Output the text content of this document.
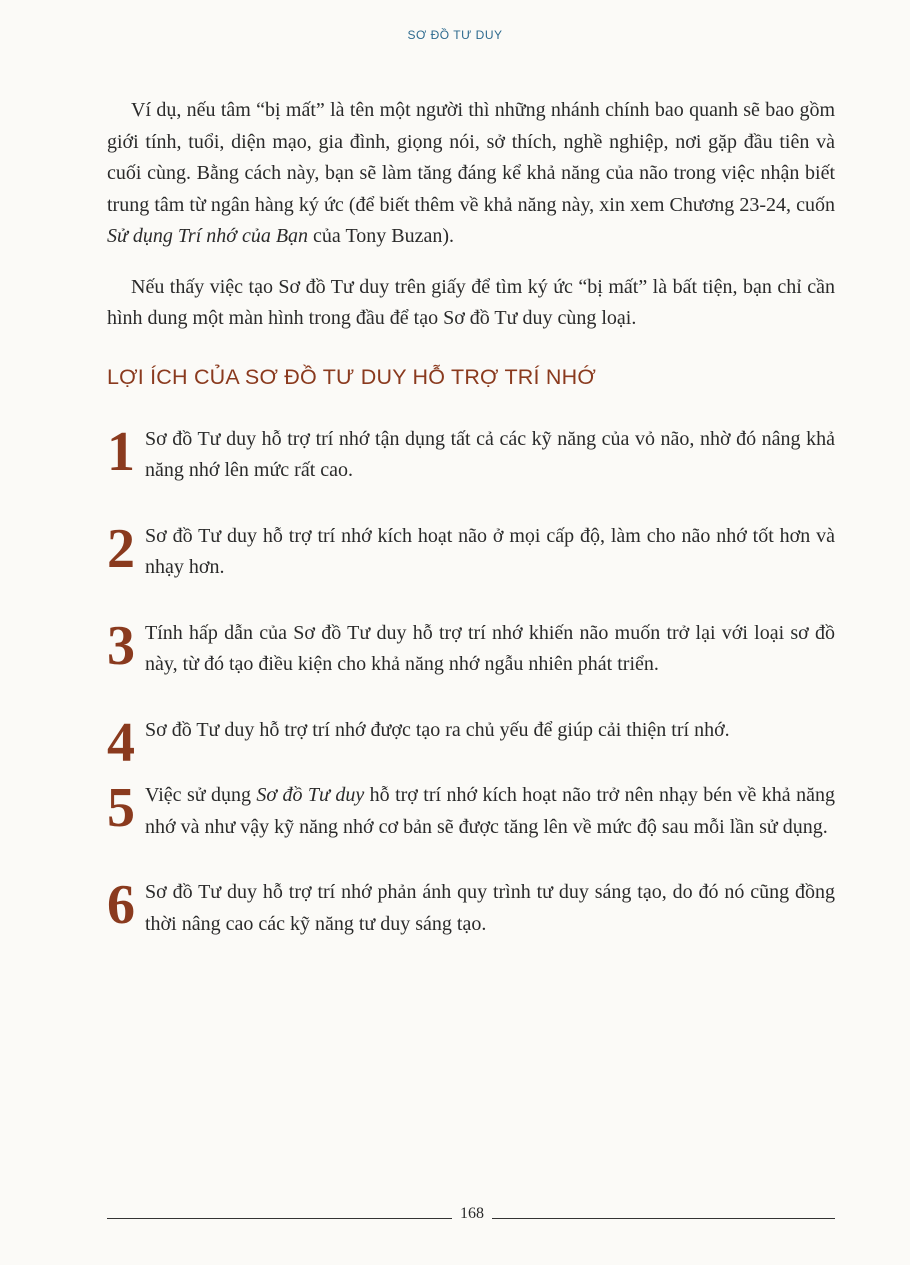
SƠ ĐỒ TƯ DUY

Ví dụ, nếu tâm “bị mất” là tên một người thì những nhánh chính bao quanh sẽ bao gồm giới tính, tuổi, diện mạo, gia đình, giọng nói, sở thích, nghề nghiệp, nơi gặp đầu tiên và cuối cùng. Bằng cách này, bạn sẽ làm tăng đáng kể khả năng của não trong việc nhận biết trung tâm từ ngân hàng ký ức (để biết thêm về khả năng này, xin xem Chương 23-24, cuốn Sử dụng Trí nhớ của Bạn của Tony Buzan).

Nếu thấy việc tạo Sơ đồ Tư duy trên giấy để tìm ký ức “bị mất” là bất tiện, bạn chỉ cần hình dung một màn hình trong đầu để tạo Sơ đồ Tư duy cùng loại.

LỢI ÍCH CỦA SƠ ĐỒ TƯ DUY HỖ TRỢ TRÍ NHỚ
1 Sơ đồ Tư duy hỗ trợ trí nhớ tận dụng tất cả các kỹ năng của vỏ não, nhờ đó nâng khả năng nhớ lên mức rất cao.
2 Sơ đồ Tư duy hỗ trợ trí nhớ kích hoạt não ở mọi cấp độ, làm cho não nhớ tốt hơn và nhạy hơn.
3 Tính hấp dẫn của Sơ đồ Tư duy hỗ trợ trí nhớ khiến não muốn trở lại với loại sơ đồ này, từ đó tạo điều kiện cho khả năng nhớ ngẫu nhiên phát triển.
4 Sơ đồ Tư duy hỗ trợ trí nhớ được tạo ra chủ yếu để giúp cải thiện trí nhớ.
5 Việc sử dụng Sơ đồ Tư duy hỗ trợ trí nhớ kích hoạt não trở nên nhạy bén về khả năng nhớ và như vậy kỹ năng nhớ cơ bản sẽ được tăng lên về mức độ sau mỗi lần sử dụng.
6 Sơ đồ Tư duy hỗ trợ trí nhớ phản ánh quy trình tư duy sáng tạo, do đó nó cũng đồng thời nâng cao các kỹ năng tư duy sáng tạo.
168
